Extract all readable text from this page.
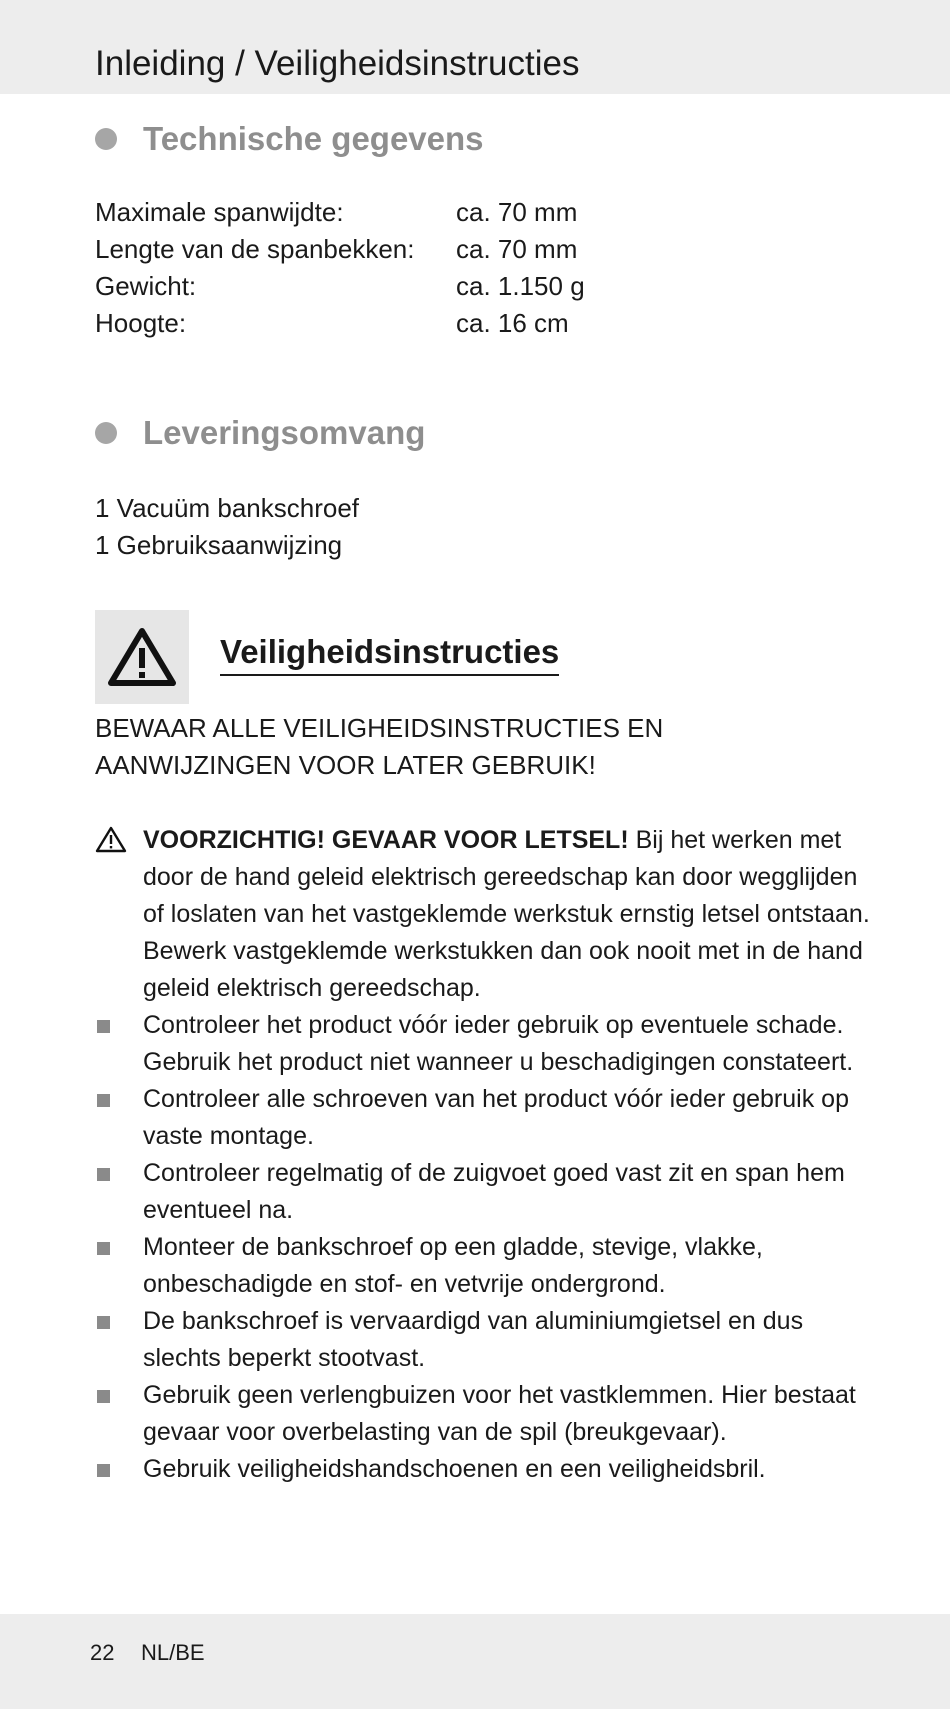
Inleiding / Veiligheidsinstructies
Technische gegevens
Maximale spanwijdte:	ca. 70 mm
Lengte van de spanbekken:	ca. 70 mm
Gewicht:	ca. 1.150 g
Hoogte:	ca. 16 cm
Leveringsomvang
1 Vacuüm bankschroef
1 Gebruiksaanwijzing
Veiligheidsinstructies
BEWAAR ALLE VEILIGHEIDSINSTRUCTIES EN AANWIJZINGEN VOOR LATER GEBRUIK!
VOORZICHTIG! GEVAAR VOOR LETSEL! Bij het werken met door de hand geleid elektrisch gereedschap kan door wegglijden of loslaten van het vastgeklemde werkstuk ernstig letsel ontstaan. Bewerk vastgeklemde werkstukken dan ook nooit met in de hand geleid elektrisch gereedschap.
Controleer het product vóór ieder gebruik op eventuele schade. Gebruik het product niet wanneer u beschadigingen constateert.
Controleer alle schroeven van het product vóór ieder gebruik op vaste montage.
Controleer regelmatig of de zuigvoet goed vast zit en span hem eventueel na.
Monteer de bankschroef op een gladde, stevige, vlakke, onbeschadigde en stof- en vetvrije ondergrond.
De bankschroef is vervaardigd van aluminiumgietsel en dus slechts beperkt stootvast.
Gebruik geen verlengbuizen voor het vastklemmen. Hier bestaat gevaar voor overbelasting van de spil (breukgevaar).
Gebruik veiligheidshandschoenen en een veiligheidsbril.
22 NL/BE
